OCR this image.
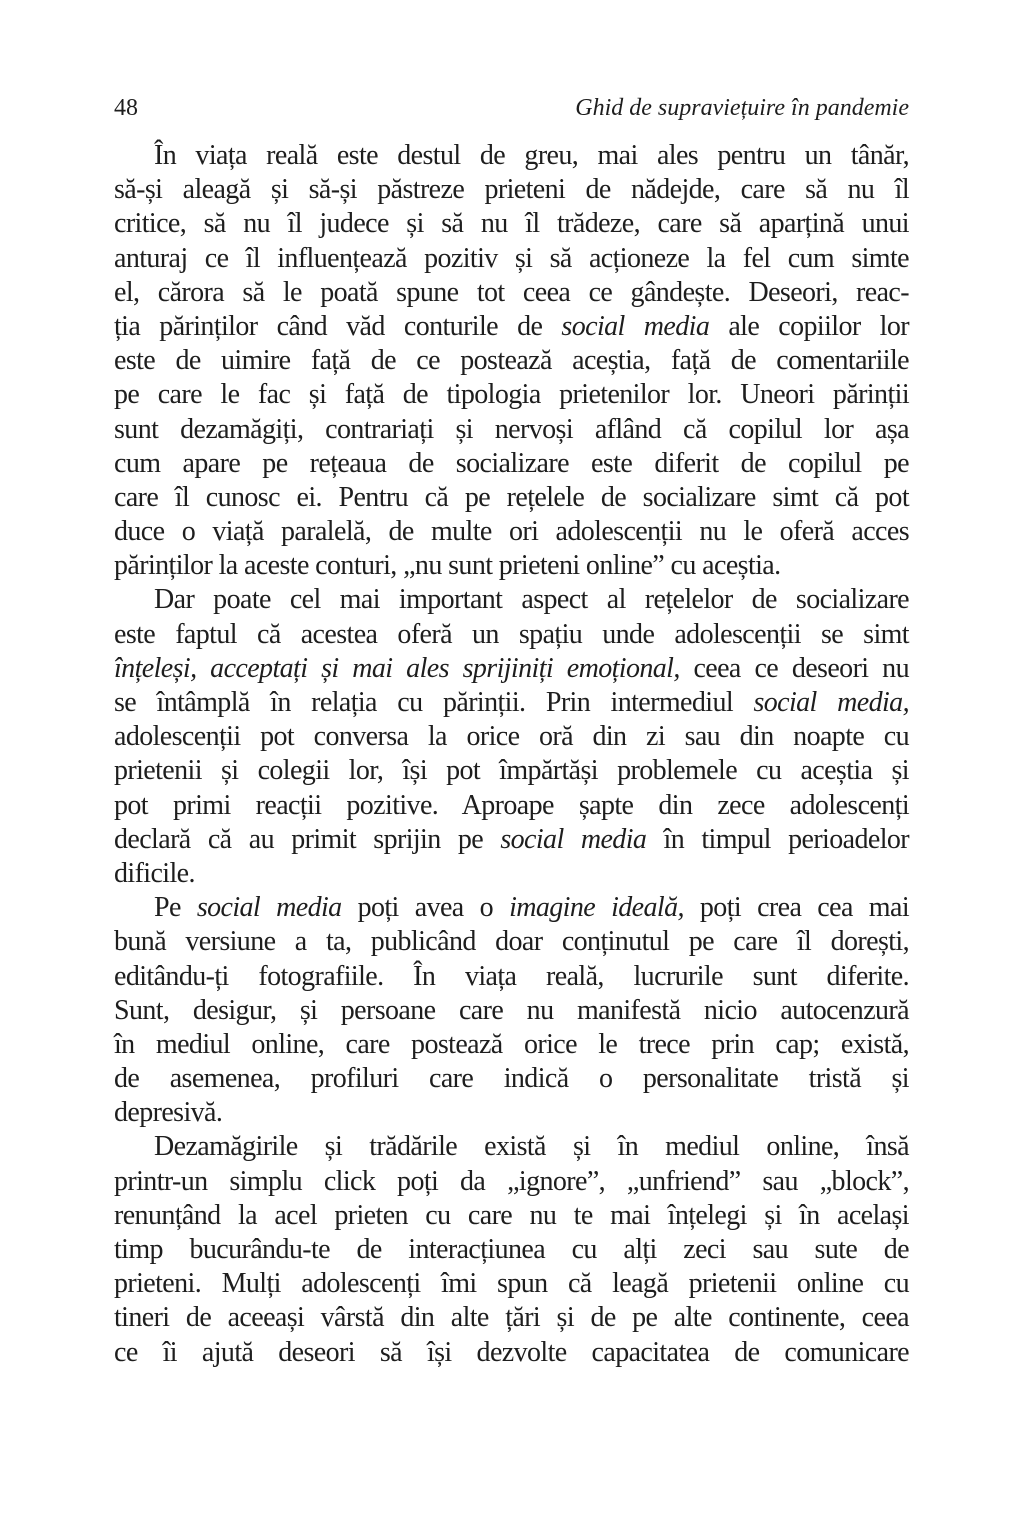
48	Ghid de supraviețuire în pandemie
În viața reală este destul de greu, mai ales pentru un tânăr,
să-și aleagă și să-și păstreze prieteni de nădejde, care să nu îl
critice, să nu îl judece și să nu îl trădeze, care să aparțină unui
anturaj ce îl influențează pozitiv și să acționeze la fel cum simte
el, cărora să le poată spune tot ceea ce gândește. Deseori, reac-
ția părinților când văd conturile de social media ale copiilor lor
este de uimire față de ce postează aceștia, față de comentariile
pe care le fac și față de tipologia prietenilor lor. Uneori părinții
sunt dezamăgiți, contrariați și nervoși aflând că copilul lor așa
cum apare pe rețeaua de socializare este diferit de copilul pe
care îl cunosc ei. Pentru că pe rețelele de socializare simt că pot
duce o viață paralelă, de multe ori adolescenții nu le oferă acces
părinților la aceste conturi, „nu sunt prieteni online” cu aceștia.
Dar poate cel mai important aspect al rețelelor de socializare
este faptul că acestea oferă un spațiu unde adolescenții se simt
înțeleși, acceptați și mai ales sprijiniți emoțional, ceea ce deseori nu
se întâmplă în relația cu părinții. Prin intermediul social media,
adolescenții pot conversa la orice oră din zi sau din noapte cu
prietenii și colegii lor, își pot împărtăși problemele cu aceștia și
pot primi reacții pozitive. Aproape șapte din zece adolescenți
declară că au primit sprijin pe social media în timpul perioadelor
dificile.
Pe social media poți avea o imagine ideală, poți crea cea mai
bună versiune a ta, publicând doar conținutul pe care îl dorești,
editându-ți fotografiile. În viața reală, lucrurile sunt diferite.
Sunt, desigur, și persoane care nu manifestă nicio autocenzură
în mediul online, care postează orice le trece prin cap; există,
de asemenea, profiluri care indică o personalitate tristă și
depresivă.
Dezamăgirile și trădările există și în mediul online, însă
printr-un simplu click poți da „ignore”, „unfriend” sau „block”,
renunțând la acel prieten cu care nu te mai înțelegi și în același
timp bucurându-te de interacțiunea cu alți zeci sau sute de
prieteni. Mulți adolescenți îmi spun că leagă prietenii online cu
tineri de aceeași vârstă din alte țări și de pe alte continente, ceea
ce îi ajută deseori să își dezvolte capacitatea de comunicare
